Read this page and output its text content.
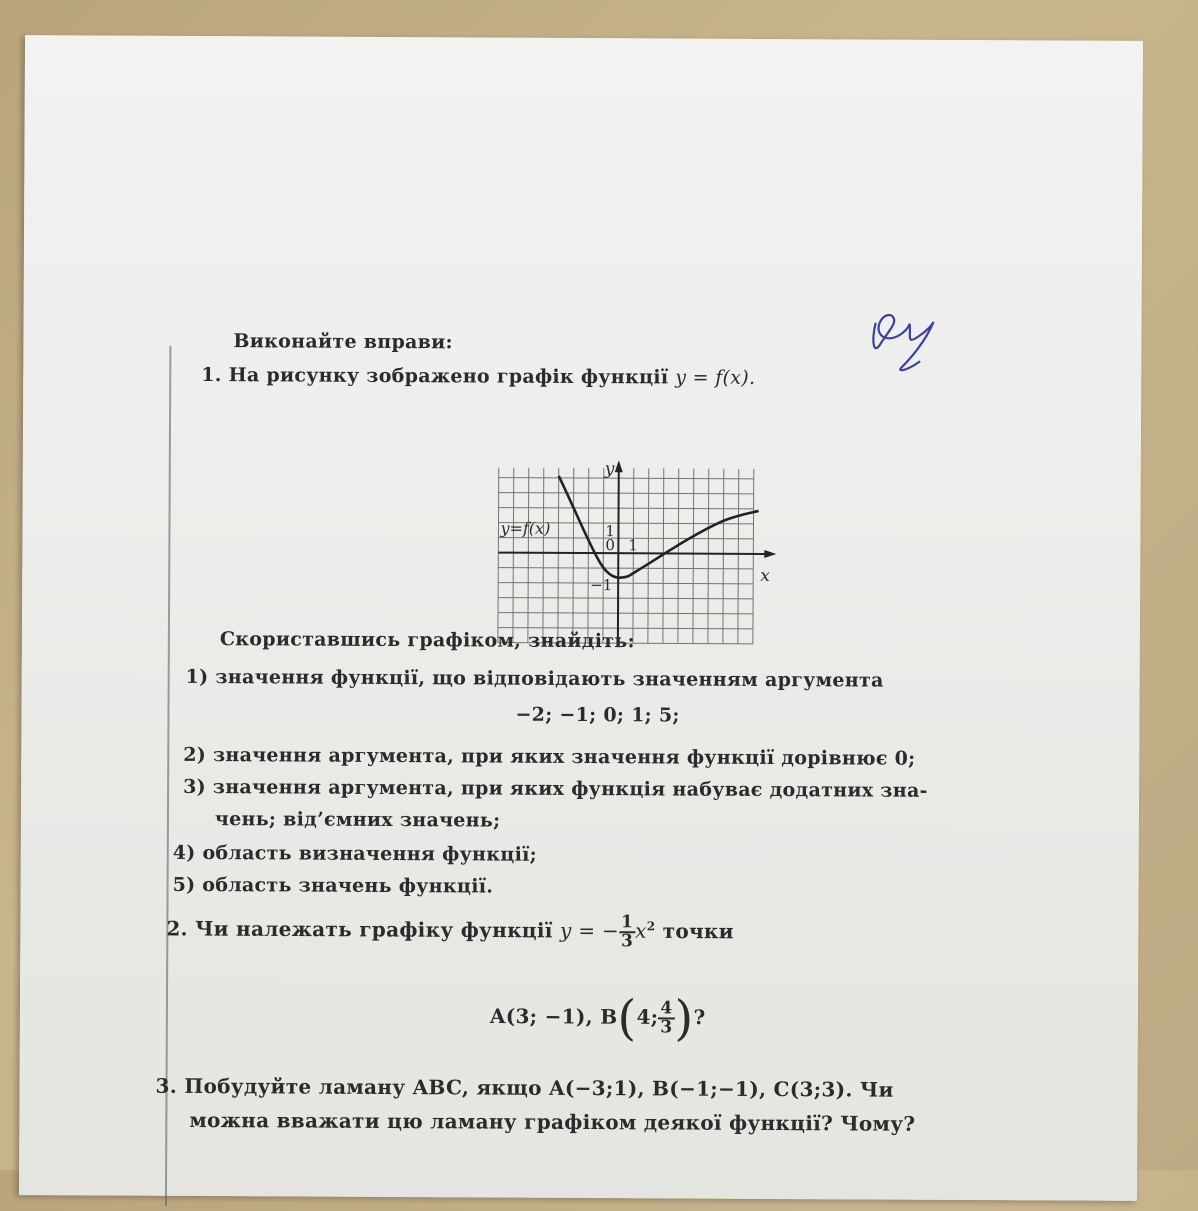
Виконайте вправи:
1. На рисунку зображено графік функції y = f(x).
y
x
y=f(x)	1
0 1
−1
Скориставшись графіком, знайдіть:
1) значення функції, що відповідають значенням аргумента
−2; −1; 0; 1; 5;
2) значення аргумента, при яких значення функції дорівнює 0;
3) значення аргумента, при яких функція набуває додатних зна-
чень; від’ємних значень;
4) область визначення функції;
5) область значень функції.
2. Чи належать графіку функції y = − $\frac{1}{3} x^2$ точки
A(3; −1), B(4; $\frac{4}{3}$ )?
3. Побудуйте ламану ABC, якщо A(−3;1), B(−1;−1), C(3;3). Чи
можна вважати цю ламану графіком деякої функції? Чому?
